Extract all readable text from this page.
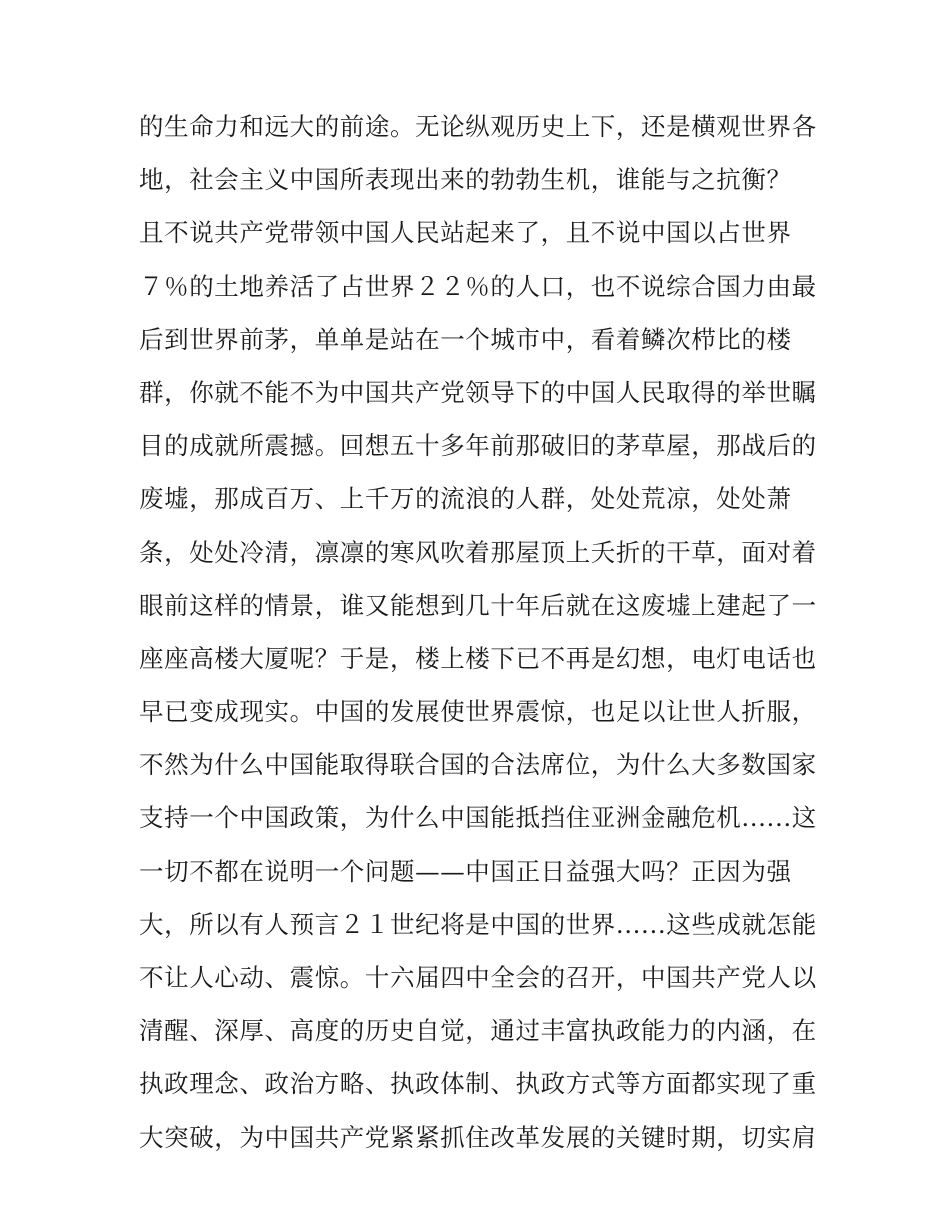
的生命力和远大的前途。无论纵观历史上下，还是横观世界各
地，社会主义中国所表现出来的勃勃生机，谁能与之抗衡？
且不说共产党带领中国人民站起来了，且不说中国以占世界
７％的土地养活了占世界２２％的人口，也不说综合国力由最
后到世界前茅，单单是站在一个城市中，看着鳞次栉比的楼
群，你就不能不为中国共产党领导下的中国人民取得的举世瞩
目的成就所震撼。回想五十多年前那破旧的茅草屋，那战后的
废墟，那成百万、上千万的流浪的人群，处处荒凉，处处萧
条，处处冷清，凛凛的寒风吹着那屋顶上夭折的干草，面对着
眼前这样的情景，谁又能想到几十年后就在这废墟上建起了一
座座高楼大厦呢？于是，楼上楼下已不再是幻想，电灯电话也
早已变成现实。中国的发展使世界震惊，也足以让世人折服，
不然为什么中国能取得联合国的合法席位，为什么大多数国家
支持一个中国政策，为什么中国能抵挡住亚洲金融危机......这
一切不都在说明一个问题——中国正日益强大吗？正因为强
大，所以有人预言２１世纪将是中国的世界......这些成就怎能
不让人心动、震惊。十六届四中全会的召开，中国共产党人以
清醒、深厚、高度的历史自觉，通过丰富执政能力的内涵，在
执政理念、政治方略、执政体制、执政方式等方面都实现了重
大突破，为中国共产党紧紧抓住改革发展的关键时期，切实肩
